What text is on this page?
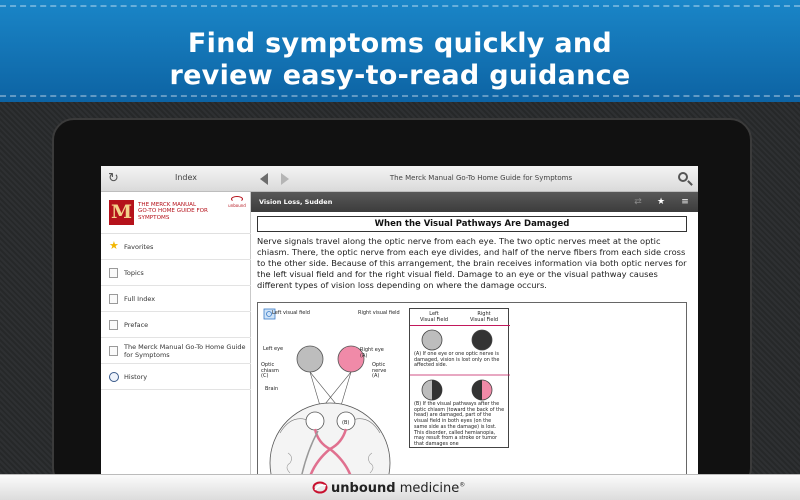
Find symptoms quickly and
review easy-to-read guidance
↻	Index
M	THE MERCK MANUAL GO-TO HOME GUIDE FOR SYMPTOMS
unbound
★ Favorites
Topics
Full Index
Preface
The Merck Manual Go-To Home Guide for Symptoms
History
The Merck Manual Go-To Home Guide for Symptoms
Vision Loss, Sudden	⇄ ★ ≡
When the Visual Pathways Are Damaged
Nerve signals travel along the optic nerve from each eye. The two optic nerves meet at the optic chiasm. There, the optic nerve from each eye divides, and half of the nerve fibers from each side cross to the other side. Because of this arrangement, the brain receives information via both optic nerves for the left visual field and for the right visual field. Damage to an eye or the visual pathway causes different types of vision loss depending on where the damage occurs.
Left visual field	Right visual field
Left eye	Right eye
(A)
Optic
chiasm
(C)
Optic
nerve
(A)
Brain
(B)
Left
Visual Field
Right
Visual Field
(A) If one eye or one optic nerve is damaged, vision is lost only on the affected side.
(B) If the visual pathways after the optic chiasm (toward the back of the head) are damaged, part of the visual field in both eyes (on the same side as the damage) is lost. This disorder, called hemianopia, may result from a stroke or tumor that damages one
unbound medicine®
